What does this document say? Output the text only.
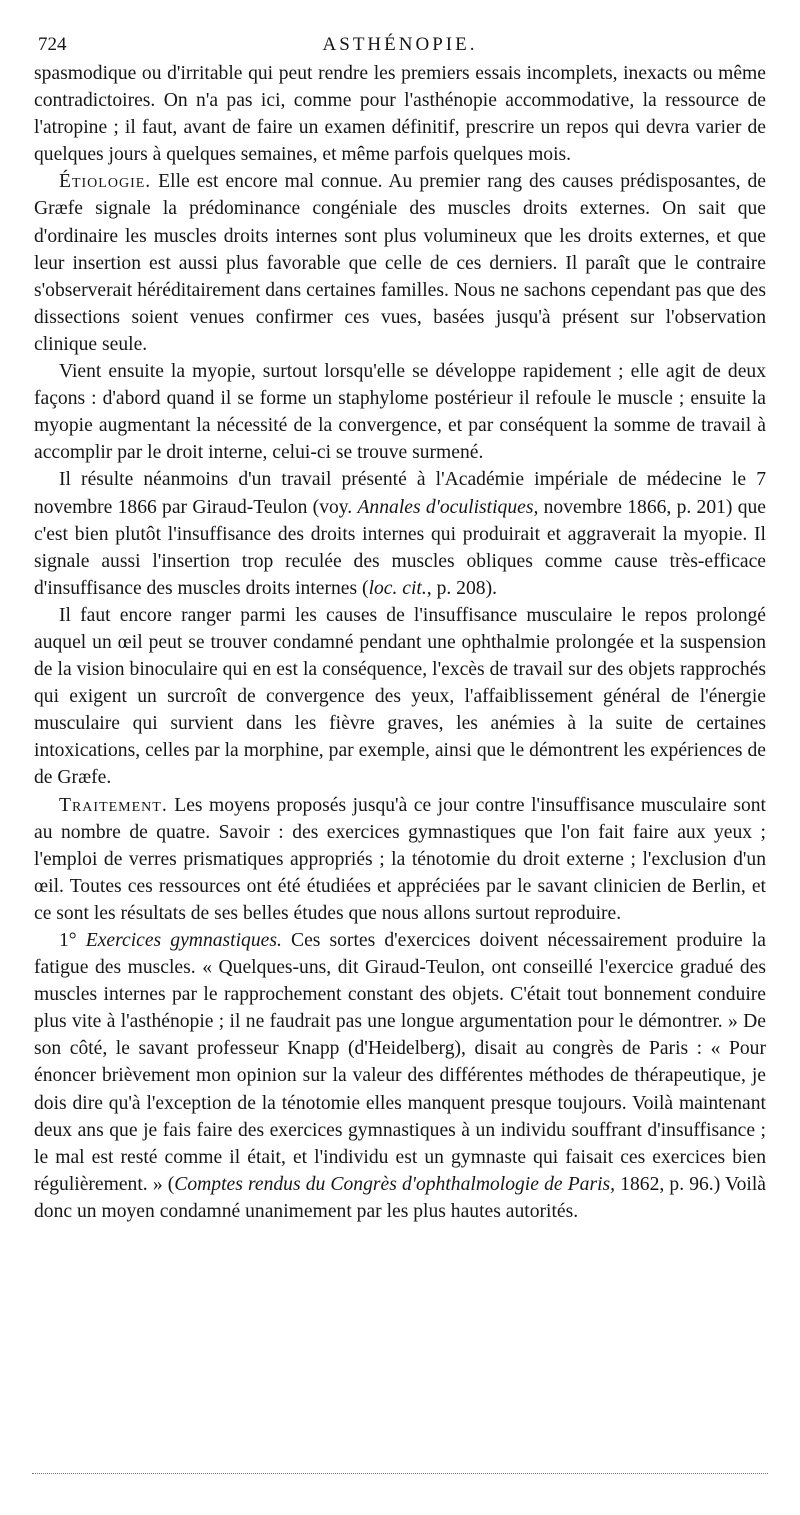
724	ASTHÉNOPIE.

spasmodique ou d'irritable qui peut rendre les premiers essais incomplets, inexacts ou même contradictoires. On n'a pas ici, comme pour l'asthénopie accommodative, la ressource de l'atropine ; il faut, avant de faire un examen définitif, prescrire un repos qui devra varier de quelques jours à quelques semaines, et même parfois quelques mois.

Étiologie. Elle est encore mal connue. Au premier rang des causes prédisposantes, de Græfe signale la prédominance congéniale des muscles droits externes. On sait que d'ordinaire les muscles droits internes sont plus volumineux que les droits externes, et que leur insertion est aussi plus favorable que celle de ces derniers. Il paraît que le contraire s'observerait héréditairement dans certaines familles. Nous ne sachons cependant pas que des dissections soient venues confirmer ces vues, basées jusqu'à présent sur l'observation clinique seule.

Vient ensuite la myopie, surtout lorsqu'elle se développe rapidement ; elle agit de deux façons : d'abord quand il se forme un staphylome postérieur il refoule le muscle ; ensuite la myopie augmentant la nécessité de la convergence, et par conséquent la somme de travail à accomplir par le droit interne, celui-ci se trouve surmené.

Il résulte néanmoins d'un travail présenté à l'Académie impériale de médecine le 7 novembre 1866 par Giraud-Teulon (voy. Annales d'oculistiques, novembre 1866, p. 201) que c'est bien plutôt l'insuffisance des droits internes qui produirait et aggraverait la myopie. Il signale aussi l'insertion trop reculée des muscles obliques comme cause très-efficace d'insuffisance des muscles droits internes (loc. cit., p. 208).

Il faut encore ranger parmi les causes de l'insuffisance musculaire le repos prolongé auquel un œil peut se trouver condamné pendant une ophthalmie prolongée et la suspension de la vision binoculaire qui en est la conséquence, l'excès de travail sur des objets rapprochés qui exigent un surcroît de convergence des yeux, l'affaiblissement général de l'énergie musculaire qui survient dans les fièvre graves, les anémies à la suite de certaines intoxications, celles par la morphine, par exemple, ainsi que le démontrent les expériences de de Græfe.

Traitement. Les moyens proposés jusqu'à ce jour contre l'insuffisance musculaire sont au nombre de quatre. Savoir : des exercices gymnastiques que l'on fait faire aux yeux ; l'emploi de verres prismatiques appropriés ; la ténotomie du droit externe ; l'exclusion d'un œil. Toutes ces ressources ont été étudiées et appréciées par le savant clinicien de Berlin, et ce sont les résultats de ses belles études que nous allons surtout reproduire.

1° Exercices gymnastiques. Ces sortes d'exercices doivent nécessairement produire la fatigue des muscles. « Quelques-uns, dit Giraud-Teulon, ont conseillé l'exercice gradué des muscles internes par le rapprochement constant des objets. C'était tout bonnement conduire plus vite à l'asthénopie ; il ne faudrait pas une longue argumentation pour le démontrer. » De son côté, le savant professeur Knapp (d'Heidelberg), disait au congrès de Paris : « Pour énoncer brièvement mon opinion sur la valeur des différentes méthodes de thérapeutique, je dois dire qu'à l'exception de la ténotomie elles manquent presque toujours. Voilà maintenant deux ans que je fais faire des exercices gymnastiques à un individu souffrant d'insuffisance ; le mal est resté comme il était, et l'individu est un gymnaste qui faisait ces exercices bien régulièrement. » (Comptes rendus du Congrès d'ophthalmologie de Paris, 1862, p. 96.) Voilà donc un moyen condamné unanimement par les plus hautes autorités.
